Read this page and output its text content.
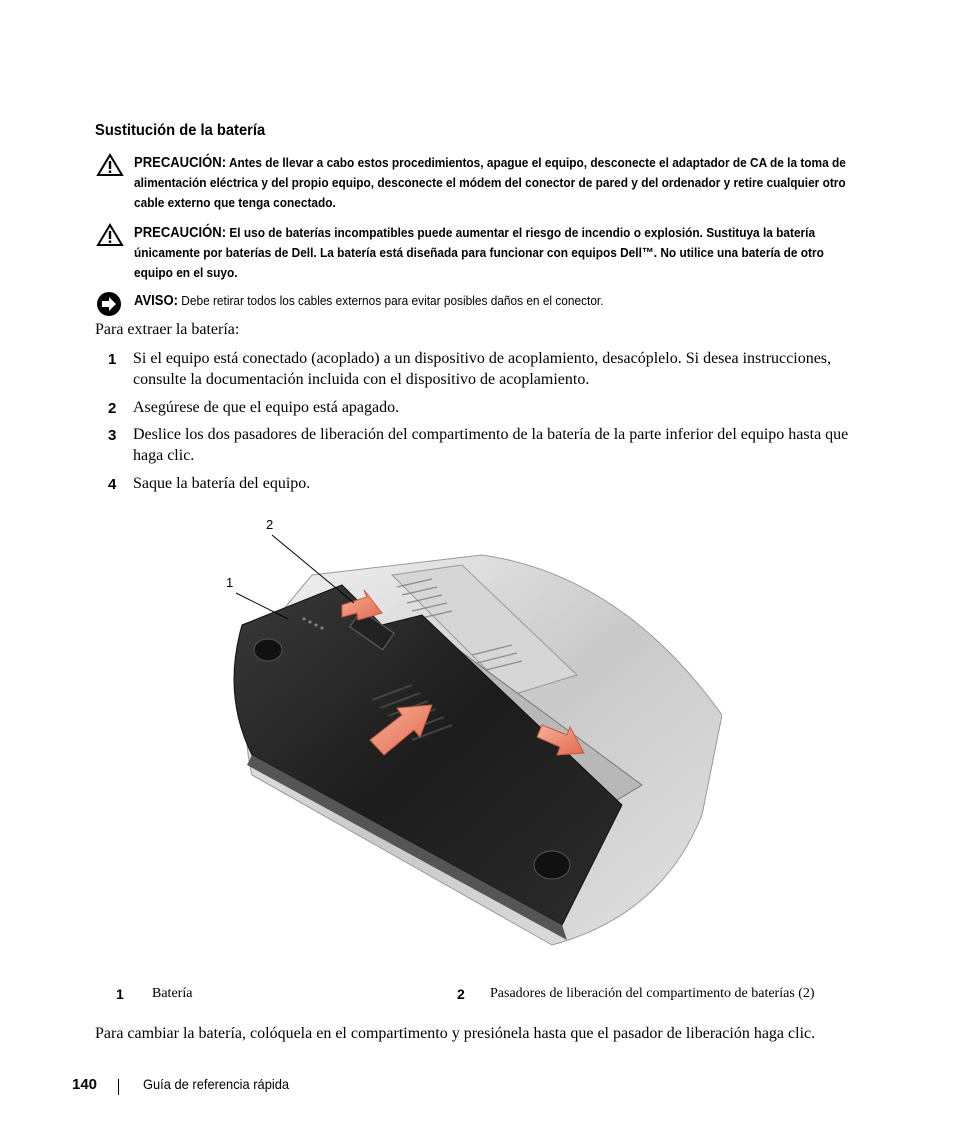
Sustitución de la batería
PRECAUCIÓN: Antes de llevar a cabo estos procedimientos, apague el equipo, desconecte el adaptador de CA de la toma de alimentación eléctrica y del propio equipo, desconecte el módem del conector de pared y del ordenador y retire cualquier otro cable externo que tenga conectado.
PRECAUCIÓN: El uso de baterías incompatibles puede aumentar el riesgo de incendio o explosión. Sustituya la batería únicamente por baterías de Dell. La batería está diseñada para funcionar con equipos Dell™. No utilice una batería de otro equipo en el suyo.
AVISO: Debe retirar todos los cables externos para evitar posibles daños en el conector.
Para extraer la batería:
1 Si el equipo está conectado (acoplado) a un dispositivo de acoplamiento, desacóplelo. Si desea instrucciones, consulte la documentación incluida con el dispositivo de acoplamiento.
2 Asegúrese de que el equipo está apagado.
3 Deslice los dos pasadores de liberación del compartimento de la batería de la parte inferior del equipo hasta que haga clic.
4 Saque la batería del equipo.
2
1
1 Batería	2 Pasadores de liberación del compartimento de baterías (2)
Para cambiar la batería, colóquela en el compartimento y presiónela hasta que el pasador de liberación haga clic.
140	Guía de referencia rápida
